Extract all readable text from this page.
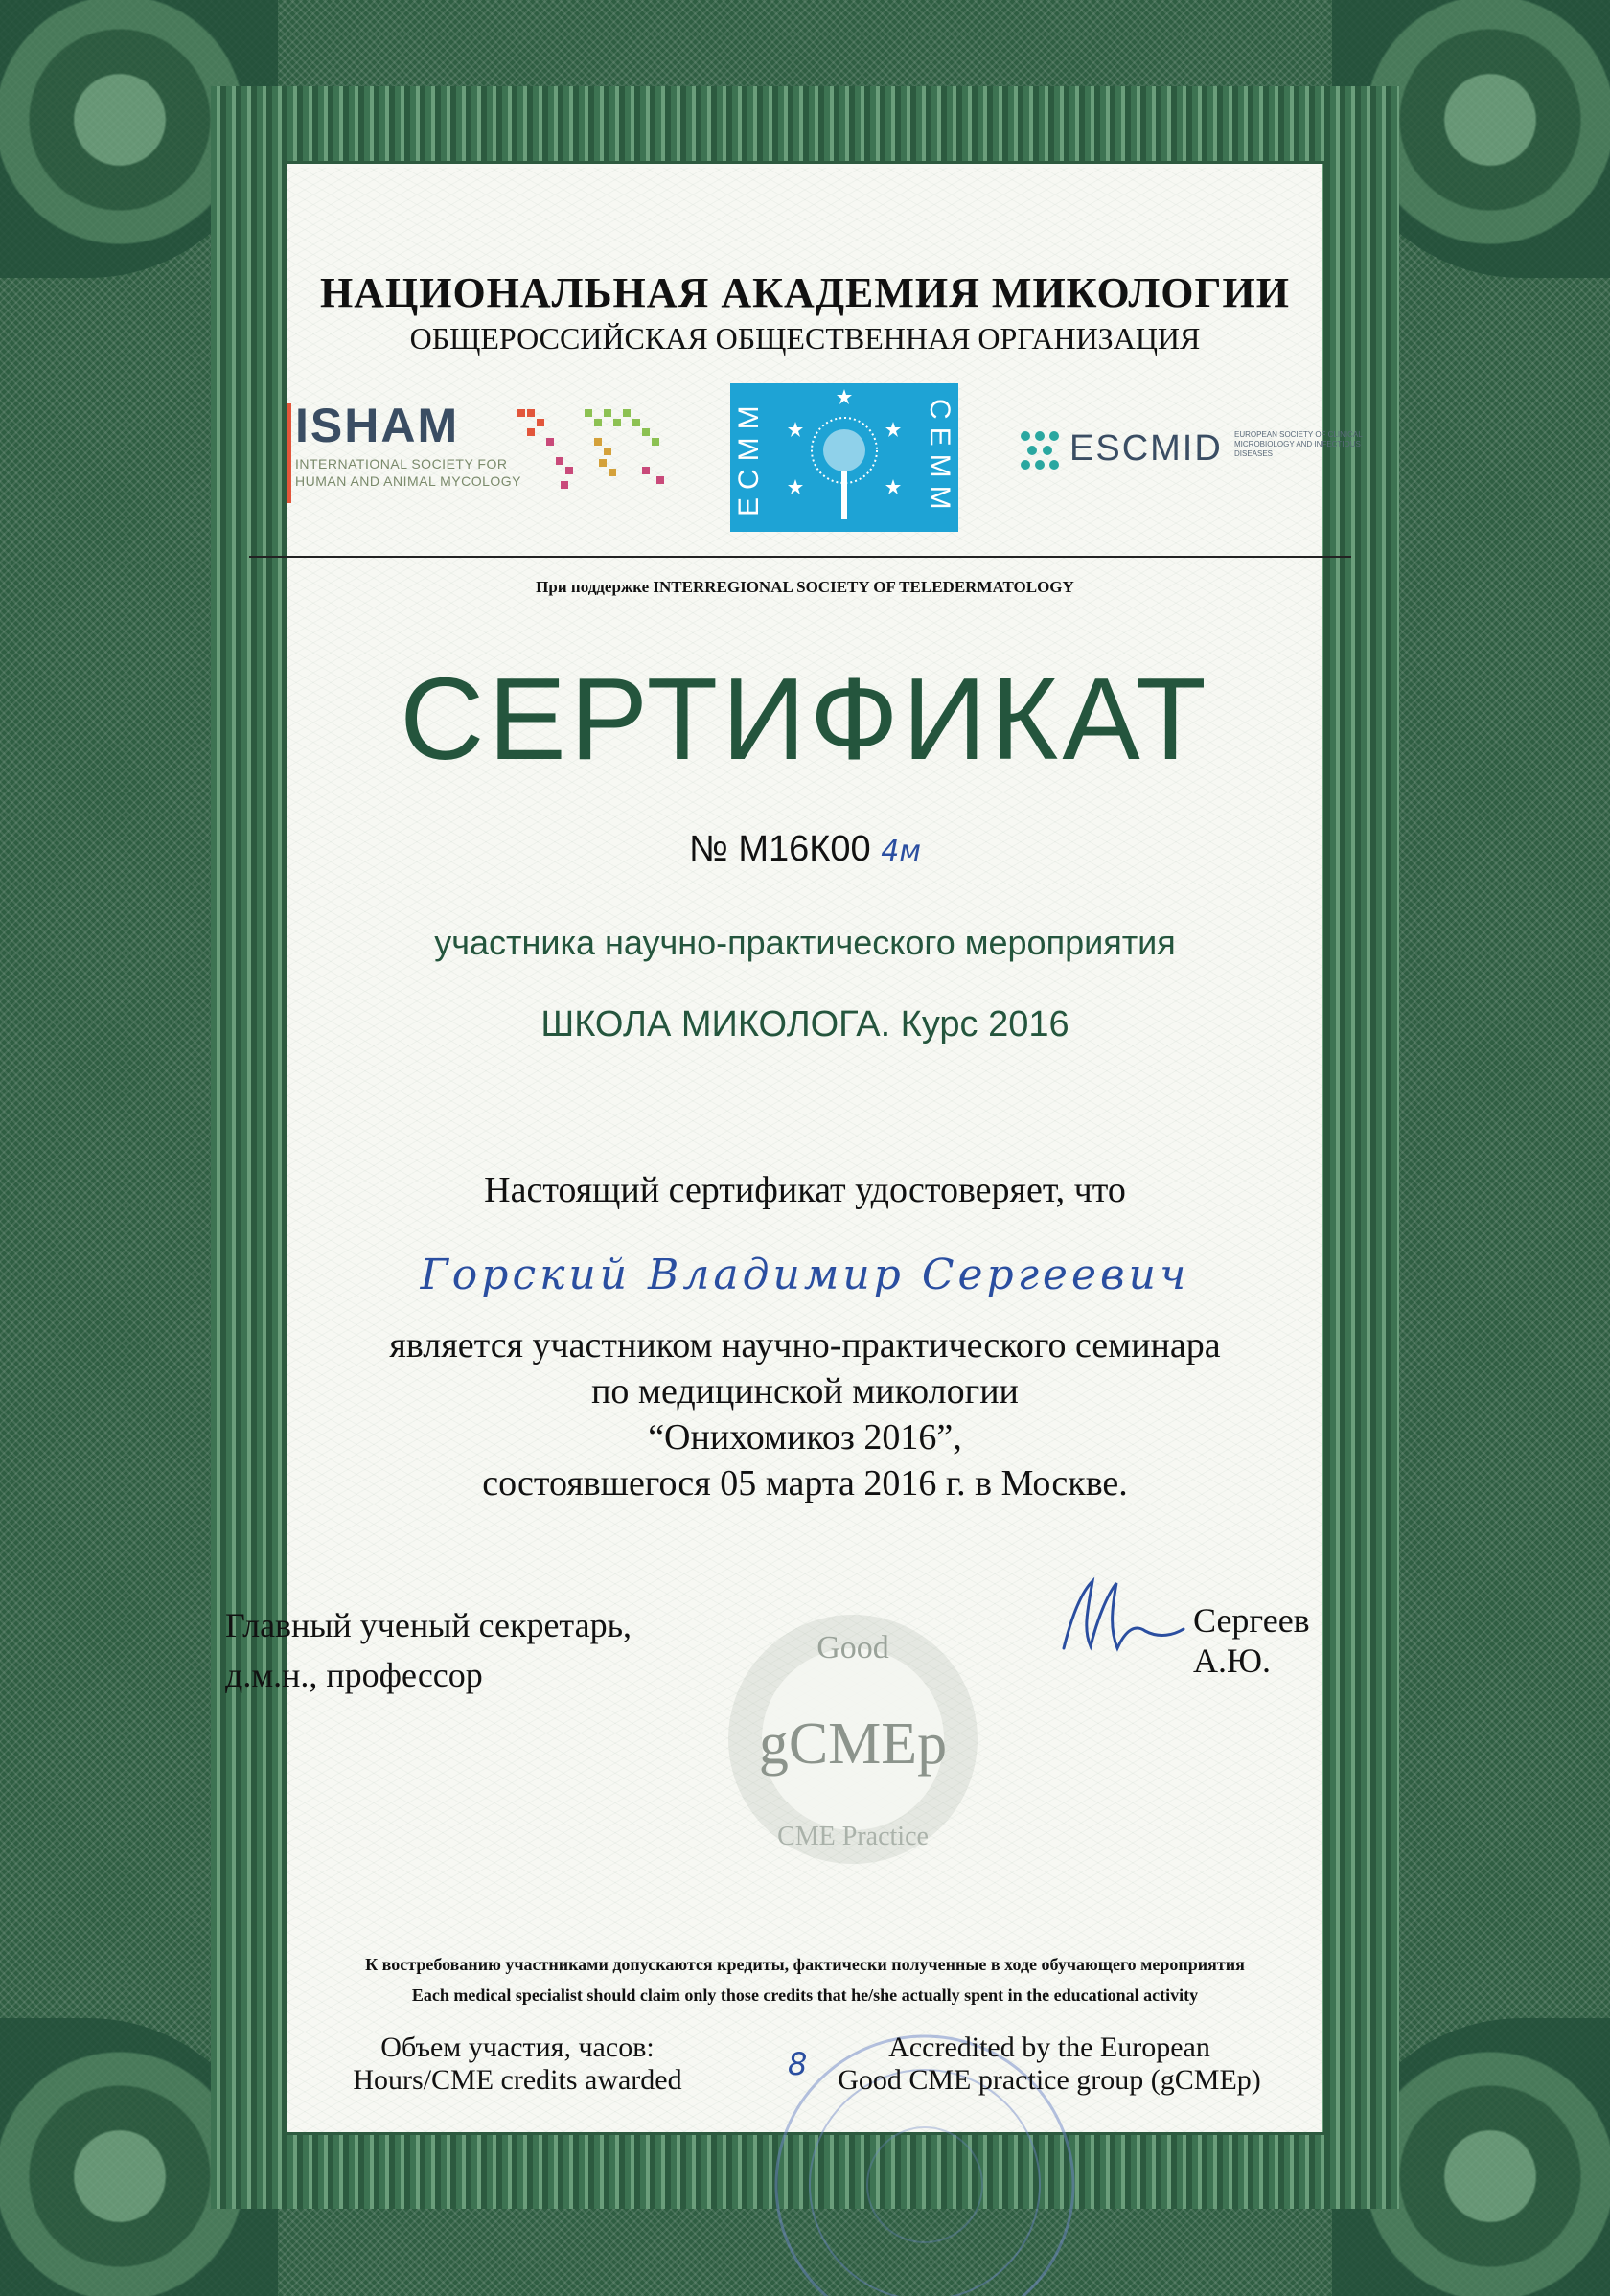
НАЦИОНАЛЬНАЯ АКАДЕМИЯ МИКОЛОГИИ
ОБЩЕРОССИЙСКАЯ ОБЩЕСТВЕННАЯ ОРГАНИЗАЦИЯ
ISHAM
INTERNATIONAL SOCIETY FOR HUMAN AND ANIMAL MYCOLOGY	ECMM	CEMM	ESCMID EUROPEAN SOCIETY OF CLINICAL MICROBIOLOGY AND INFECTIOUS DISEASES
При поддержке INTERREGIONAL SOCIETY OF TELEDERMATOLOGY
СЕРТИФИКАТ
№ М16К00 4м
участника научно-практического мероприятия
ШКОЛА МИКОЛОГА. Курс 2016
Настоящий сертификат удостоверяет, что
Горский Владимир Сергеевич
является участником научно-практического семинара
по медицинской микологии
“Онихомикоз 2016”,
состоявшегося 05 марта 2016 г. в Москве.
Good
gCMEp
CME Practice
Главный ученый секретарь,
д.м.н., профессор
Сергеев А.Ю.
К востребованию участниками допускаются кредиты, фактически полученные в ходе обучающего мероприятия
Each medical specialist should claim only those credits that he/she actually spent in the educational activity
Объем участия, часов:
Hours/CME credits awarded	8	Accredited by the European
Good CME practice group (gCMEp)
